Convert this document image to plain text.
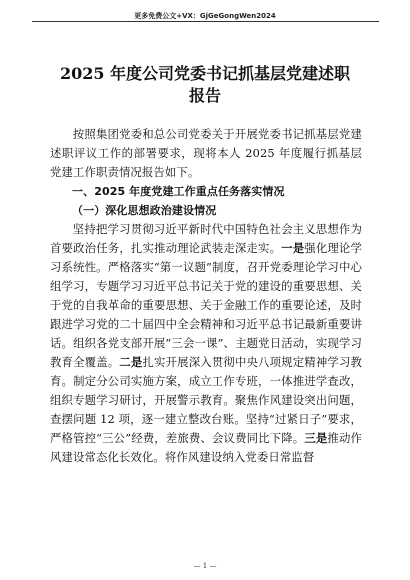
更多免费公文+VX：GjGeGongWen2024
2025 年度公司党委书记抓基层党建述职
报告

按照集团党委和总公司党委关于开展党委书记抓基层党建述职评议工作的部署要求，现将本人 2025 年度履行抓基层党建工作职责情况报告如下。

一、2025 年度党建工作重点任务落实情况

（一）深化思想政治建设情况

坚持把学习贯彻习近平新时代中国特色社会主义思想作为首要政治任务，扎实推动理论武装走深走实。一是强化理论学习系统性。严格落实“第一议题”制度，召开党委理论学习中心组学习，专题学习习近平总书记关于党的建设的重要思想、关于党的自我革命的重要思想、关于金融工作的重要论述，及时跟进学习党的二十届四中全会精神和习近平总书记最新重要讲话。组织各党支部开展“三会一课”、主题党日活动，实现学习教育全覆盖。二是扎实开展深入贯彻中央八项规定精神学习教育。制定分公司实施方案，成立工作专班，一体推进学查改，组织专题学习研讨，开展警示教育。聚焦作风建设突出问题，查摆问题 12 项，逐一建立整改台账。坚持“过紧日子”要求，严格管控“三公”经费，差旅费、会议费同比下降。三是推动作风建设常态化长效化。将作风建设纳入党委日常监督

— 1 —
